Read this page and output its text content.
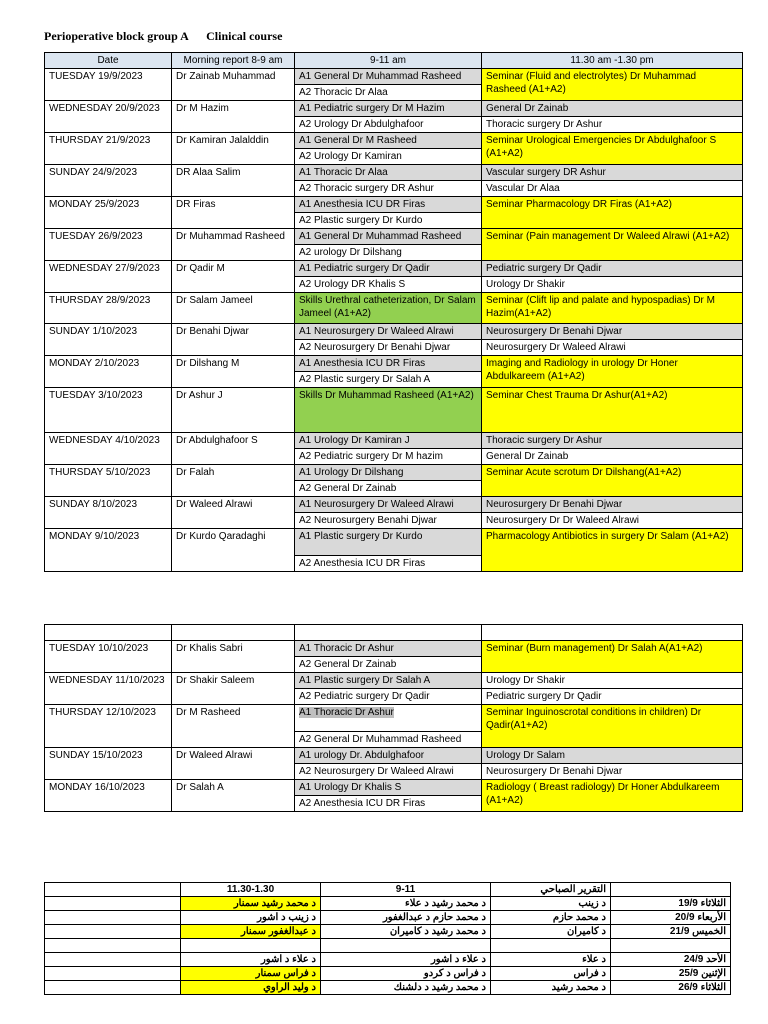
Perioperative block group A      Clinical course
Date	Morning report 8-9 am	9-11 am	11.30 am -1.30 pm
TUESDAY 19/9/2023	Dr Zainab Muhammad	A1 General Dr Muhammad Rasheed	Seminar (Fluid and electrolytes) Dr Muhammad Rasheed (A1+A2)
		A2 Thoracic Dr Alaa	
WEDNESDAY 20/9/2023	Dr M Hazim	A1 Pediatric surgery Dr M Hazim	General Dr Zainab
		A2 Urology Dr Abdulghafoor	Thoracic surgery Dr Ashur
THURSDAY 21/9/2023	Dr Kamiran Jalalddin	A1 General Dr M Rasheed	Seminar Urological Emergencies Dr Abdulghafoor S (A1+A2)
		A2 Urology Dr Kamiran	
SUNDAY 24/9/2023	DR Alaa Salim	A1 Thoracic Dr Alaa	Vascular surgery DR Ashur
		A2 Thoracic surgery DR Ashur	Vascular Dr Alaa
MONDAY 25/9/2023	DR Firas	A1 Anesthesia ICU DR Firas	Seminar Pharmacology DR Firas (A1+A2)
		A2 Plastic surgery Dr Kurdo	
TUESDAY 26/9/2023	Dr Muhammad Rasheed	A1 General Dr Muhammad Rasheed	Seminar (Pain management Dr Waleed Alrawi (A1+A2)
		A2 urology Dr Dilshang	
WEDNESDAY 27/9/2023	Dr Qadir M	A1 Pediatric surgery Dr Qadir	Pediatric surgery Dr Qadir
		A2 Urology DR Khalis S	Urology Dr Shakir
THURSDAY 28/9/2023	Dr Salam Jameel	Skills Urethral catheterization, Dr Salam Jameel (A1+A2)	Seminar (Clift lip and palate and hypospadias) Dr M Hazim(A1+A2)
SUNDAY 1/10/2023	Dr Benahi Djwar	A1 Neurosurgery Dr Waleed Alrawi	Neurosurgery Dr Benahi Djwar
		A2 Neurosurgery Dr Benahi Djwar	Neurosurgery Dr Waleed Alrawi
MONDAY 2/10/2023	Dr Dilshang M	A1 Anesthesia ICU DR Firas	Imaging and Radiology in urology Dr Honer Abdulkareem (A1+A2)
		A2 Plastic surgery Dr Salah A	
TUESDAY 3/10/2023	Dr Ashur J	Skills Dr Muhammad Rasheed (A1+A2)	Seminar Chest Trauma Dr Ashur(A1+A2)
WEDNESDAY 4/10/2023	Dr Abdulghafoor S	A1 Urology Dr Kamiran J	Thoracic surgery Dr Ashur
		A2 Pediatric surgery Dr M hazim	General Dr Zainab
THURSDAY 5/10/2023	Dr Falah	A1 Urology Dr Dilshang	Seminar Acute scrotum Dr Dilshang(A1+A2)
		A2 General Dr Zainab	
SUNDAY 8/10/2023	Dr Waleed Alrawi	A1 Neurosurgery Dr Waleed Alrawi	Neurosurgery Dr Benahi Djwar
		A2 Neurosurgery Benahi Djwar	Neurosurgery Dr Dr Waleed Alrawi
MONDAY 9/10/2023	Dr Kurdo Qaradaghi	A1 Plastic surgery Dr Kurdo	Pharmacology Antibiotics in surgery Dr Salam (A1+A2)
		A2 Anesthesia ICU DR Firas	

TUESDAY 10/10/2023	Dr Khalis Sabri	A1 Thoracic Dr Ashur	Seminar (Burn management) Dr Salah A(A1+A2)
		A2 General Dr Zainab	
WEDNESDAY 11/10/2023	Dr Shakir Saleem	A1 Plastic surgery Dr Salah A	Urology Dr Shakir
		A2 Pediatric surgery Dr Qadir	Pediatric surgery Dr Qadir
THURSDAY 12/10/2023	Dr M Rasheed	A1 Thoracic Dr Ashur	Seminar Inguinoscrotal conditions in children) Dr Qadir(A1+A2)
		A2 General Dr Muhammad Rasheed	
SUNDAY 15/10/2023	Dr Waleed Alrawi	A1 urology Dr. Abdulghafoor	Urology Dr Salam
		A2 Neurosurgery Dr Waleed Alrawi	Neurosurgery Dr Benahi Djwar
MONDAY 16/10/2023	Dr Salah A	A1 Urology Dr Khalis S	Radiology ( Breast radiology) Dr Honer Abdulkareem (A1+A2)
		A2 Anesthesia ICU DR Firas	
	11.30-1.30	9-11	التقرير الصباحي	
	د محمد رشيد سمنار	د محمد رشيد د علاء	د زينب	الثلاثاء 19/9
	د زينب د اشور	د محمد حازم د عبدالغفور	د محمد حازم	الأربعاء 20/9
	د عبدالغفور سمنار	د محمد رشيد د كاميران	د كاميران	الخميس 21/9

	د علاء د اشور	د علاء د اشور	د علاء	الأحد 24/9
	د فراس سمنار	د فراس د كردو	د فراس	الإثنين 25/9
	د وليد الراوي	د محمد رشيد د دلشنك	د محمد رشيد	الثلاثاء 26/9
